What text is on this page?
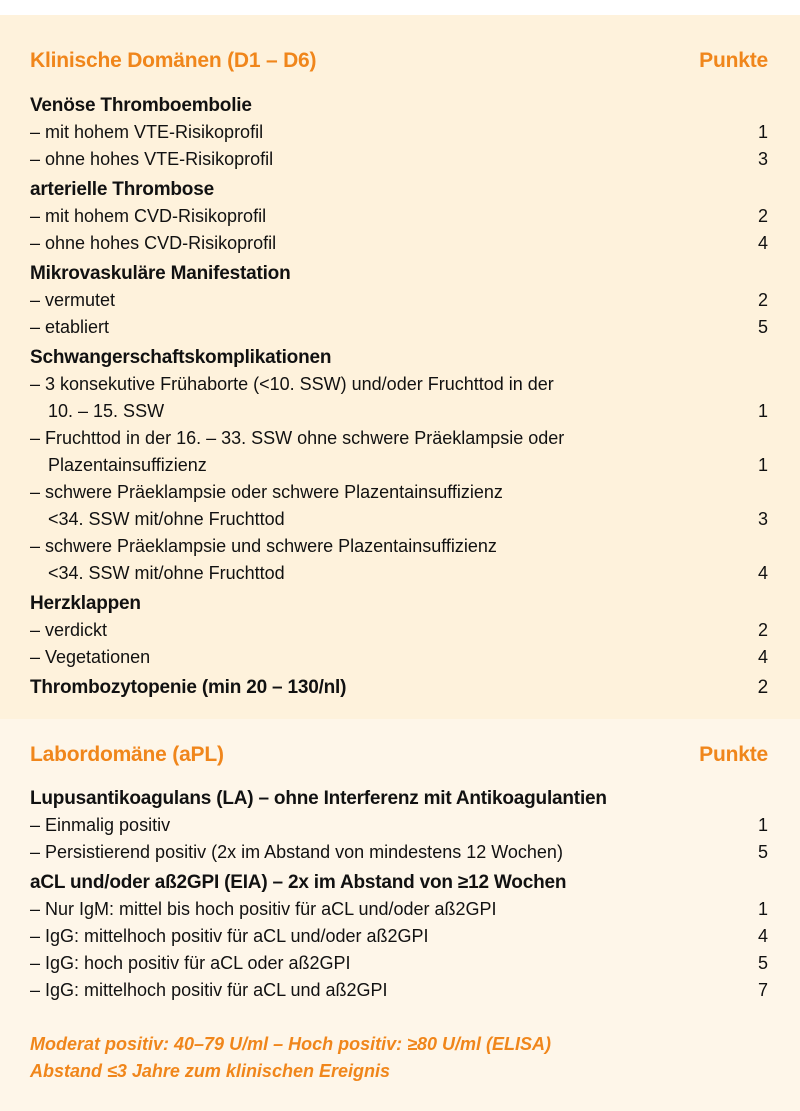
Klinische Domänen (D1 – D6)	Punkte
Venöse Thromboembolie
– mit hohem VTE-Risikoprofil	1
– ohne hohes VTE-Risikoprofil	3
arterielle Thrombose
– mit hohem CVD-Risikoprofil	2
– ohne hohes CVD-Risikoprofil	4
Mikrovaskuläre Manifestation
– vermutet	2
– etabliert	5
Schwangerschaftskomplikationen
– 3 konsekutive Frühaborte (<10. SSW) und/oder Fruchttod in der
10. – 15. SSW	1
– Fruchttod in der 16. – 33. SSW ohne schwere Präeklampsie oder
Plazentainsuffizienz	1
– schwere Präeklampsie oder schwere Plazentainsuffizienz
<34. SSW mit/ohne Fruchttod	3
– schwere Präeklampsie und schwere Plazentainsuffizienz
<34. SSW mit/ohne Fruchttod	4
Herzklappen
– verdickt	2
– Vegetationen	4
Thrombozytopenie (min 20 – 130/nl)	2
Labordomäne (aPL)	Punkte
Lupusantikoagulans (LA) – ohne Interferenz mit Antikoagulantien
– Einmalig positiv	1
– Persistierend positiv (2x im Abstand von mindestens 12 Wochen)	5
aCL und/oder aß2GPI (EIA) – 2x im Abstand von ≥12 Wochen
– Nur IgM: mittel bis hoch positiv für aCL und/oder aß2GPI	1
– IgG: mittelhoch positiv für aCL und/oder aß2GPI	4
– IgG: hoch positiv für aCL oder aß2GPI	5
– IgG: mittelhoch positiv für aCL und aß2GPI	7
Moderat positiv: 40–79 U/ml – Hoch positiv: ≥80 U/ml (ELISA)
Abstand ≤3 Jahre zum klinischen Ereignis
